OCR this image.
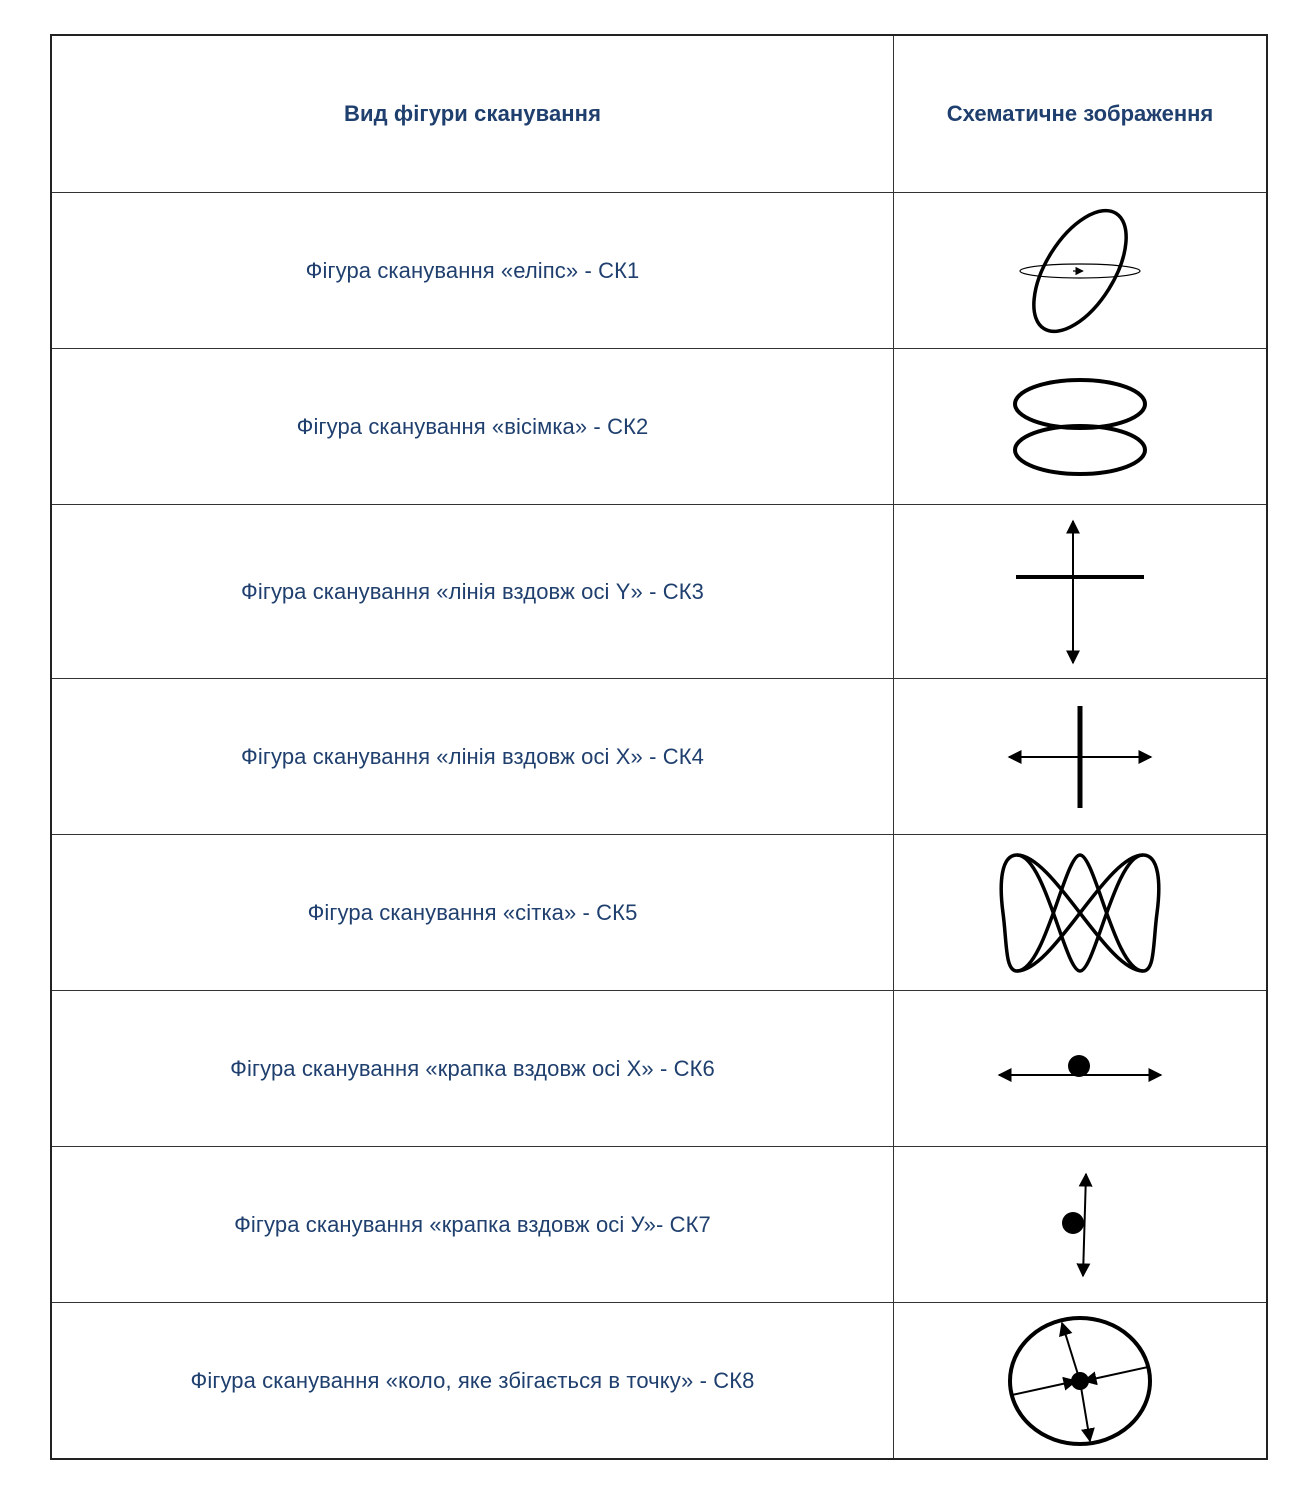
Вид фігури сканування	Схематичне зображення
Фігура сканування «еліпс» - СК1
Фігура сканування «вісімка» - СК2
Фігура сканування «лінія вздовж осі Y» - СК3
Фігура сканування «лінія вздовж осі X» - СК4
Фігура сканування «сітка» - СК5
Фігура сканування «крапка вздовж осі X» - СК6
Фігура сканування «крапка вздовж осі У»- СК7
Фігура сканування «коло, яке збігається в точку» - СК8
